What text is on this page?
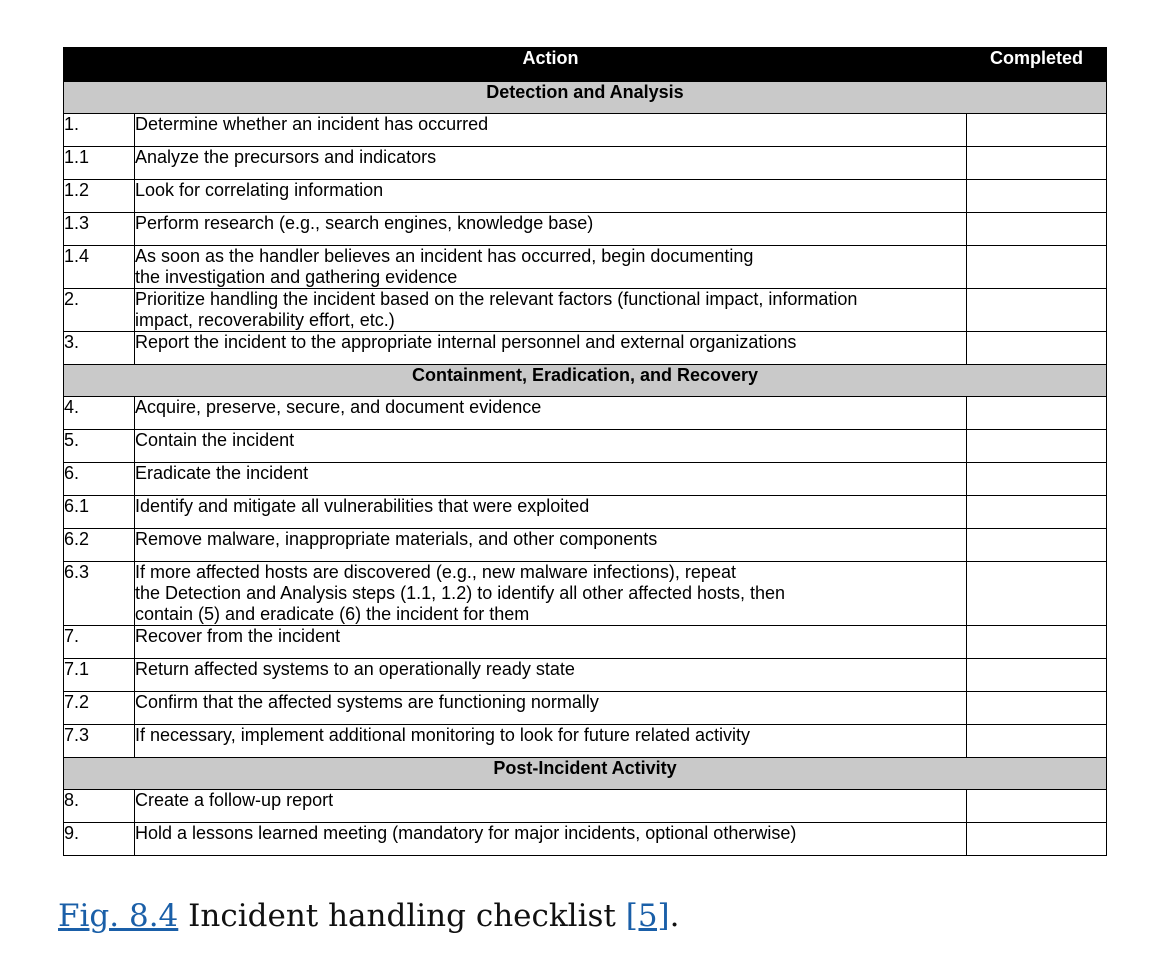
	Action	Completed
Detection and Analysis		
1.	Determine whether an incident has occurred	
1.1	Analyze the precursors and indicators	
1.2	Look for correlating information	
1.3	Perform research (e.g., search engines, knowledge base)	
1.4	As soon as the handler believes an incident has occurred, begin documenting
the investigation and gathering evidence	
2.	Prioritize handling the incident based on the relevant factors (functional impact, information
impact, recoverability effort, etc.)	
3.	Report the incident to the appropriate internal personnel and external organizations	
Containment, Eradication, and Recovery		
4.	Acquire, preserve, secure, and document evidence	
5.	Contain the incident	
6.	Eradicate the incident	
6.1	Identify and mitigate all vulnerabilities that were exploited	
6.2	Remove malware, inappropriate materials, and other components	
6.3	If more affected hosts are discovered (e.g., new malware infections), repeat
the Detection and Analysis steps (1.1, 1.2) to identify all other affected hosts, then
contain (5) and eradicate (6) the incident for them	
7.	Recover from the incident	
7.1	Return affected systems to an operationally ready state	
7.2	Confirm that the affected systems are functioning normally	
7.3	If necessary, implement additional monitoring to look for future related activity	
Post-Incident Activity		
8.	Create a follow-up report	
9.	Hold a lessons learned meeting (mandatory for major incidents, optional otherwise)	
Fig. 8.4 Incident handling checklist [5].
